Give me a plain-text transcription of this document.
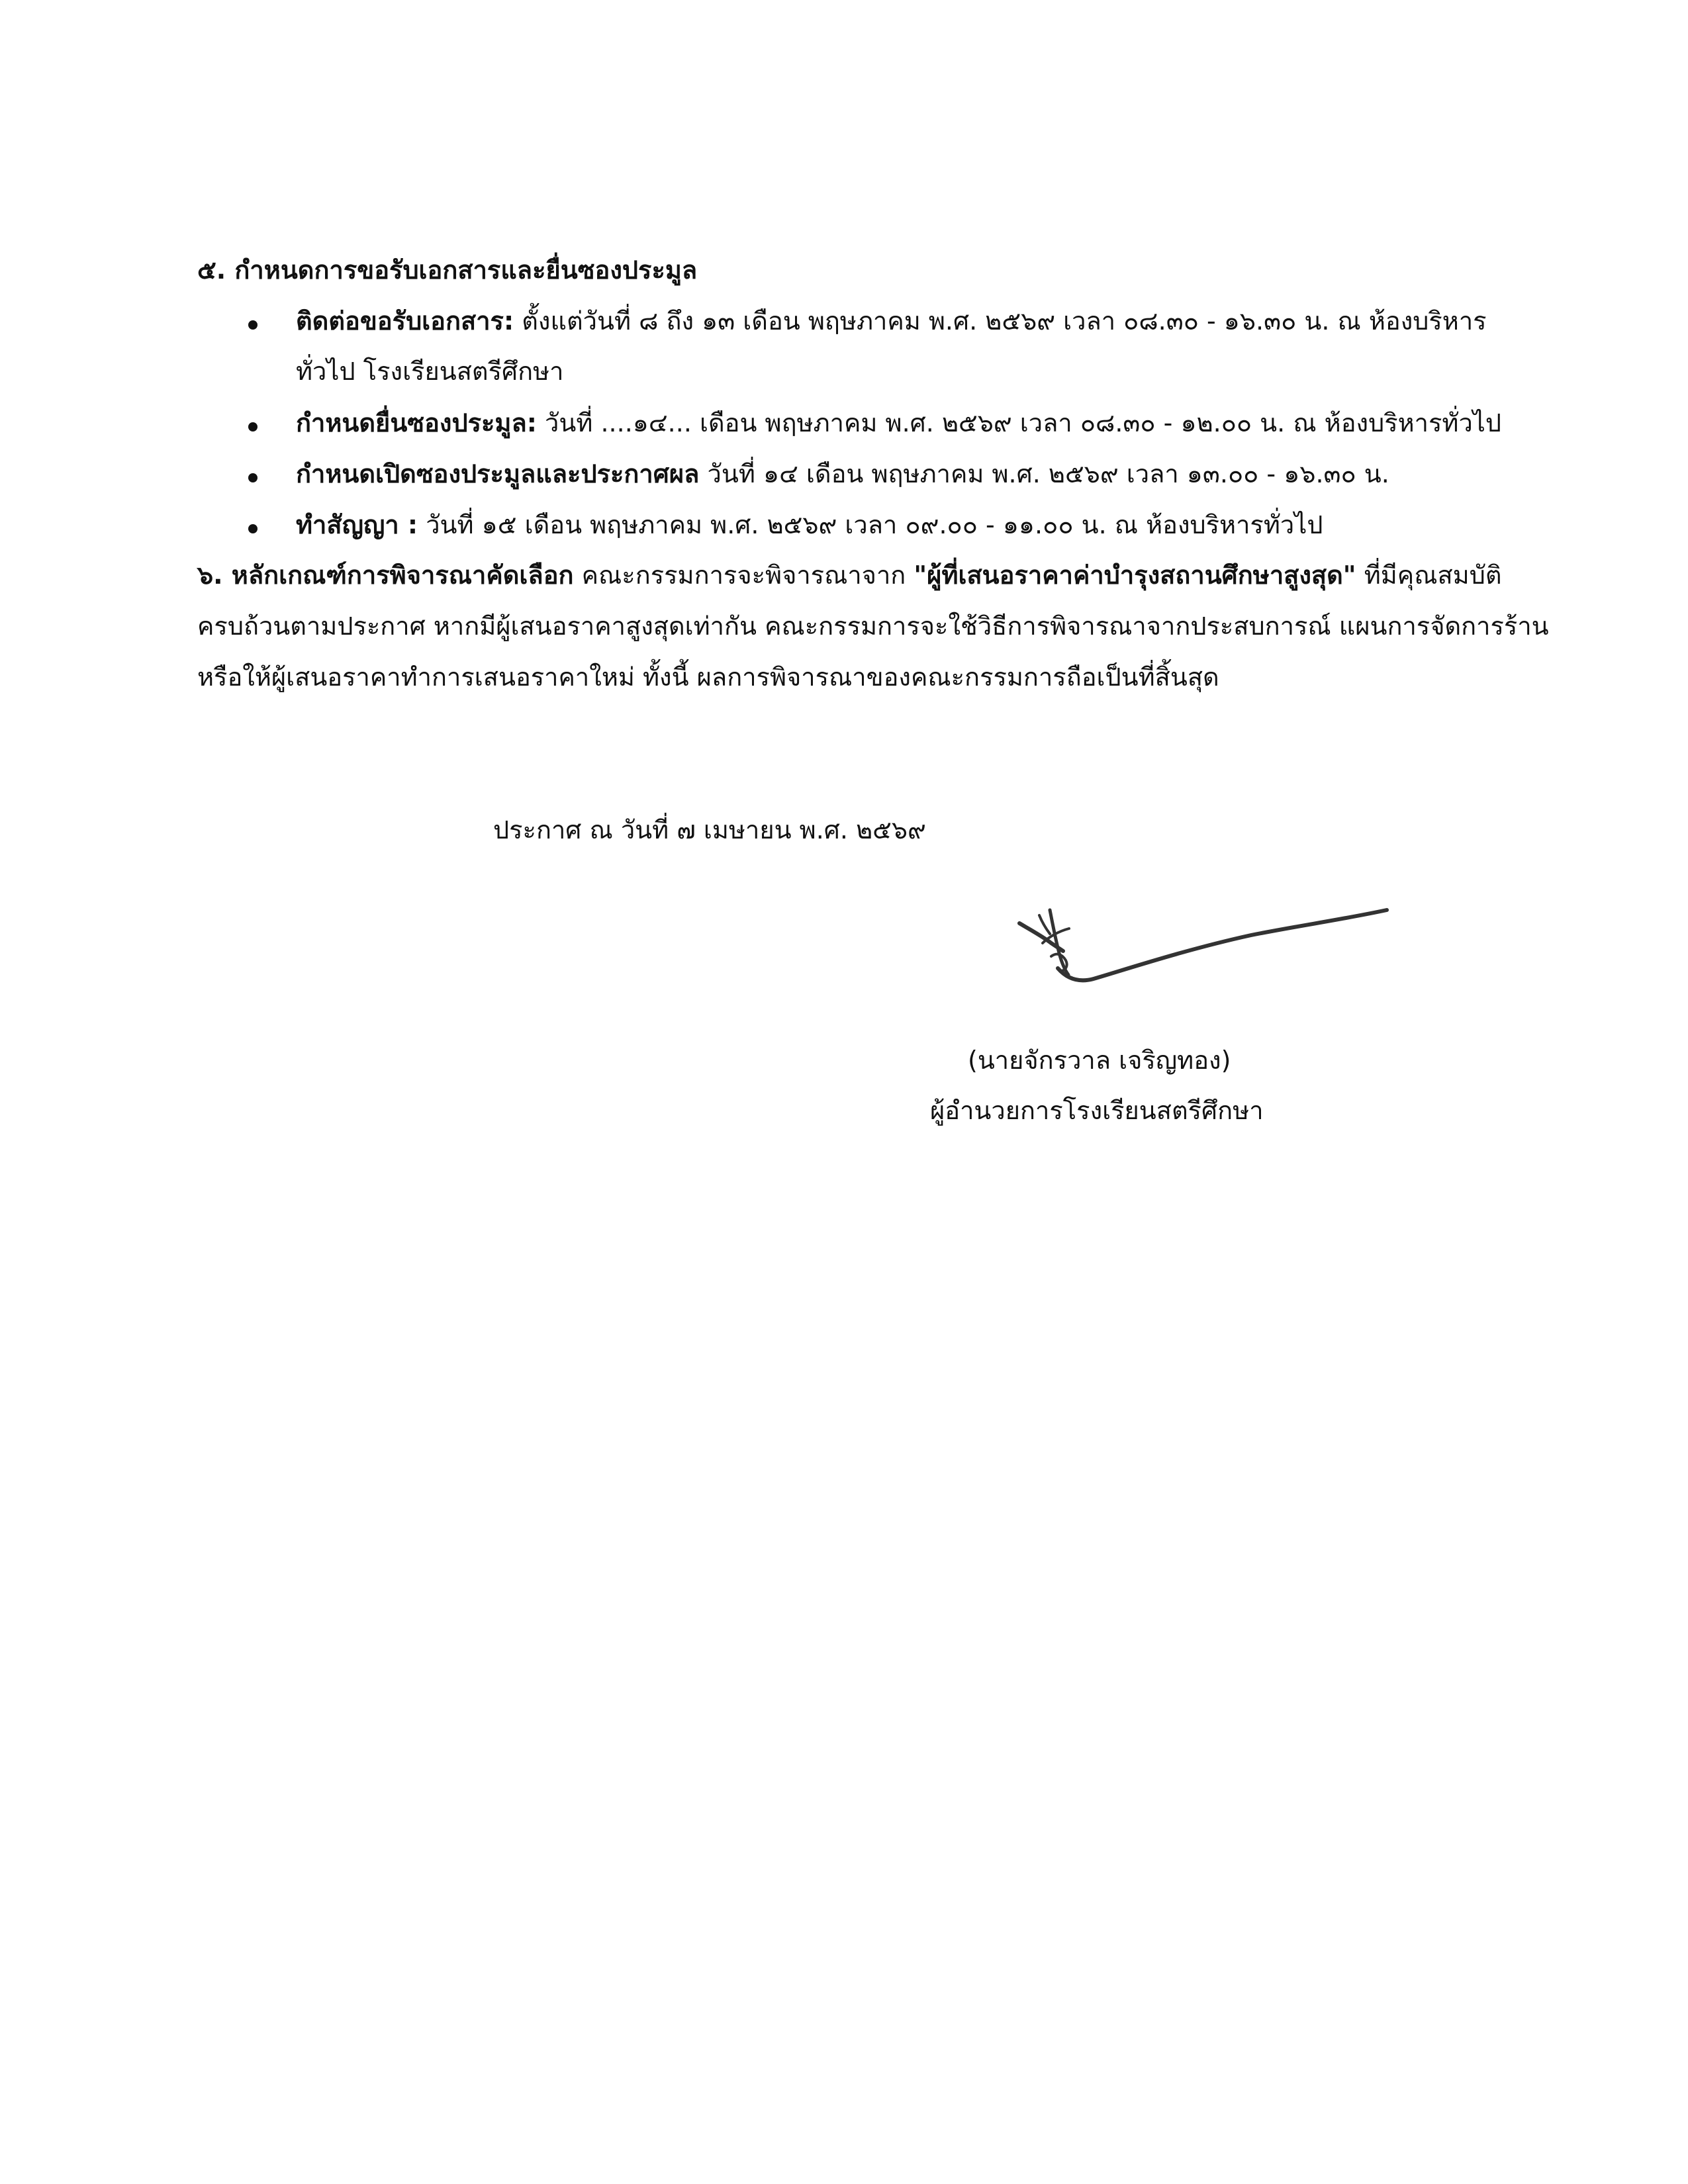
๕. กำหนดการขอรับเอกสารและยื่นซองประมูล
ติดต่อขอรับเอกสาร: ตั้งแต่วันที่ ๘ ถึง ๑๓ เดือน พฤษภาคม พ.ศ. ๒๕๖๙ เวลา ๐๘.๓๐ - ๑๖.๓๐ น. ณ ห้องบริหาร
ทั่วไป โรงเรียนสตรีศึกษา
กำหนดยื่นซองประมูล: วันที่ ....๑๔... เดือน พฤษภาคม พ.ศ. ๒๕๖๙ เวลา ๐๘.๓๐ - ๑๒.๐๐ น. ณ ห้องบริหารทั่วไป
กำหนดเปิดซองประมูลและประกาศผล วันที่ ๑๔ เดือน พฤษภาคม พ.ศ. ๒๕๖๙ เวลา ๑๓.๐๐ - ๑๖.๓๐ น.
ทำสัญญา : วันที่ ๑๕ เดือน พฤษภาคม พ.ศ. ๒๕๖๙ เวลา ๐๙.๐๐ - ๑๑.๐๐ น. ณ ห้องบริหารทั่วไป
๖. หลักเกณฑ์การพิจารณาคัดเลือก คณะกรรมการจะพิจารณาจาก "ผู้ที่เสนอราคาค่าบำรุงสถานศึกษาสูงสุด" ที่มีคุณสมบัติ
ครบถ้วนตามประกาศ หากมีผู้เสนอราคาสูงสุดเท่ากัน คณะกรรมการจะใช้วิธีการพิจารณาจากประสบการณ์ แผนการจัดการร้าน
หรือให้ผู้เสนอราคาทำการเสนอราคาใหม่ ทั้งนี้ ผลการพิจารณาของคณะกรรมการถือเป็นที่สิ้นสุด
ประกาศ ณ วันที่ ๗ เมษายน พ.ศ. ๒๕๖๙
(นายจักรวาล เจริญทอง)
ผู้อำนวยการโรงเรียนสตรีศึกษา
